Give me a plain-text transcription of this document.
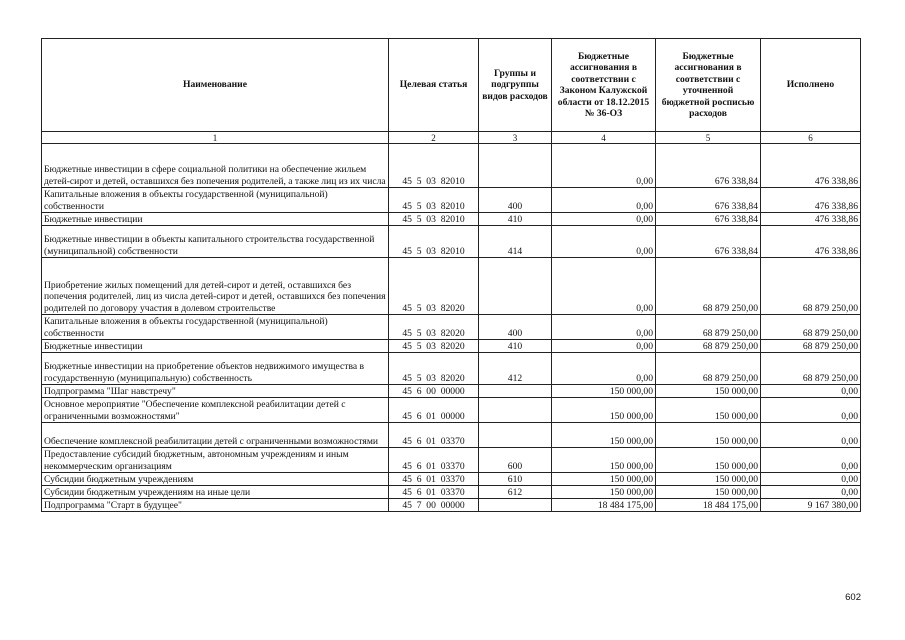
Наименование	Целевая статья	Группы и подгруппы видов расходов	Бюджетные ассигнования в соответствии с Законом Калужской области от 18.12.2015 № 36-ОЗ	Бюджетные ассигнования в соответствии с уточненной бюджетной росписью расходов	Исполнено
1	2	3	4	5	6
Бюджетные инвестиции в сфере социальной политики на обеспечение жильем детей-сирот и детей, оставшихся без попечения родителей, а также лиц из их числа	45  5  03  82010		0,00	676 338,84	476 338,86
Капитальные вложения в объекты государственной (муниципальной) собственности	45  5  03  82010	400	0,00	676 338,84	476 338,86
Бюджетные инвестиции	45  5  03  82010	410	0,00	676 338,84	476 338,86
Бюджетные инвестиции в объекты капитального строительства государственной (муниципальной) собственности	45  5  03  82010	414	0,00	676 338,84	476 338,86
Приобретение жилых помещений для детей-сирот и детей, оставшихся без попечения родителей, лиц из числа детей-сирот и детей, оставшихся без попечения родителей по договору участия в долевом строительстве	45  5  03  82020		0,00	68 879 250,00	68 879 250,00
Капитальные вложения в объекты государственной (муниципальной) собственности	45  5  03  82020	400	0,00	68 879 250,00	68 879 250,00
Бюджетные инвестиции	45  5  03  82020	410	0,00	68 879 250,00	68 879 250,00
Бюджетные инвестиции на приобретение объектов недвижимого имущества в государственную (муниципальную) собственность	45  5  03  82020	412	0,00	68 879 250,00	68 879 250,00
Подпрограмма "Шаг навстречу"	45  6  00  00000		150 000,00	150 000,00	0,00
Основное мероприятие "Обеспечение комплексной реабилитации детей с ограниченными возможностями"	45  6  01  00000		150 000,00	150 000,00	0,00
Обеспечение комплексной реабилитации детей с ограниченными возможностями	45  6  01  03370		150 000,00	150 000,00	0,00
Предоставление субсидий бюджетным, автономным учреждениям и иным некоммерческим организациям	45  6  01  03370	600	150 000,00	150 000,00	0,00
Субсидии бюджетным учреждениям	45  6  01  03370	610	150 000,00	150 000,00	0,00
Субсидии бюджетным учреждениям на иные цели	45  6  01  03370	612	150 000,00	150 000,00	0,00
Подпрограмма "Старт в будущее"	45  7  00  00000		18 484 175,00	18 484 175,00	9 167 380,00
602
